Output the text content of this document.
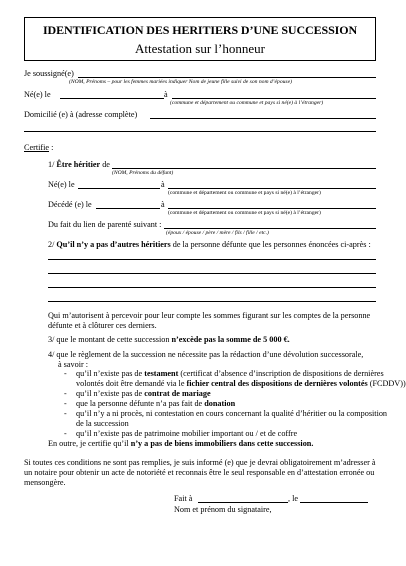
IDENTIFICATION DES HERITIERS D’UNE SUCCESSION
Attestation sur l’honneur
Je soussigné(e)
(NOM, Prénoms – pour les femmes mariées indiquer Nom de jeune fille suivi de son nom d’épouse)
Né(e) le	à
(commune et département ou commune et pays si né(e) à l’étranger)
Domicilié (e) à (adresse complète)
Certifie :
1/ Être héritier de
(NOM, Prénoms du défunt)
Né(e) le	à
(commune et département ou commune et pays si né(e) à l’étranger)
Décédé (e) le	à
(commune et département ou commune et pays si né(e) à l’étranger)
Du fait du lien de parenté suivant :
(époux / épouse / père / mère / fils / fille / etc.)
2/ Qu’il n’y a pas d’autres héritiers de la personne défunte que les personnes énoncées ci-après :
Qui m’autorisent à percevoir pour leur compte les sommes figurant sur les comptes de la personne
défunte et à clôturer ces derniers.
3/ que le montant de cette succession n’excède pas la somme de 5 000 €.
4/ que le règlement de la succession ne nécessite pas la rédaction d’une dévolution successorale,
à savoir :
- qu’il n’existe pas de testament (certificat d’absence d’inscription de dispositions de dernières
volontés doit être demandé via le fichier central des dispositions de dernières volontés (FCDDV))
- qu’il n’existe pas de contrat de mariage
- que la personne défunte n’a pas fait de donation
- qu’il n’y a ni procès, ni contestation en cours concernant la qualité d’héritier ou la composition
de la succession
- qu’il n’existe pas de patrimoine mobilier important ou / et de coffre
En outre, je certifie qu’il n’y a pas de biens immobiliers dans cette succession.
Si toutes ces conditions ne sont pas remplies, je suis informé (e) que je devrai obligatoirement m’adresser à
un notaire pour obtenir un acte de notoriété et reconnais être le seul responsable en d’attestation erronée ou
mensongère.
Fait à	, le
Nom et prénom du signataire,
